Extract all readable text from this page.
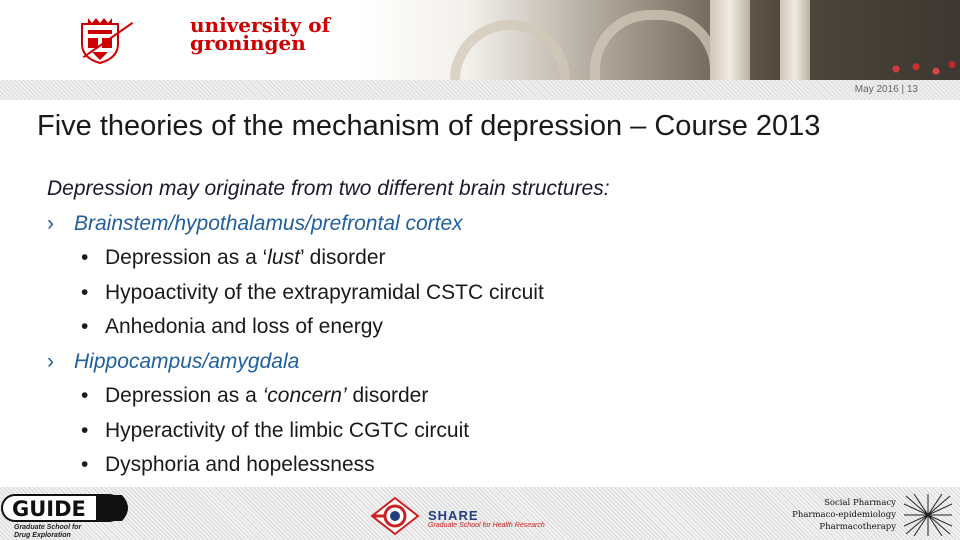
university of
groningen
May 2016 | 13
Five theories of the mechanism of depression – Course 2013
Depression may originate from two different brain structures:
› Brainstem/hypothalamus/prefrontal cortex
• Depression as a ‘lust’ disorder
• Hypoactivity of the extrapyramidal CSTC circuit
• Anhedonia and loss of energy
› Hippocampus/amygdala
• Depression as a ‘concern’ disorder
• Hyperactivity of the limbic CGTC circuit
• Dysphoria and hopelessness
GUIDE
Graduate School for
Drug Exploration
SHARE
Graduate School for Health Research
Social Pharmacy
Pharmaco-epidemiology
Pharmacotherapy
